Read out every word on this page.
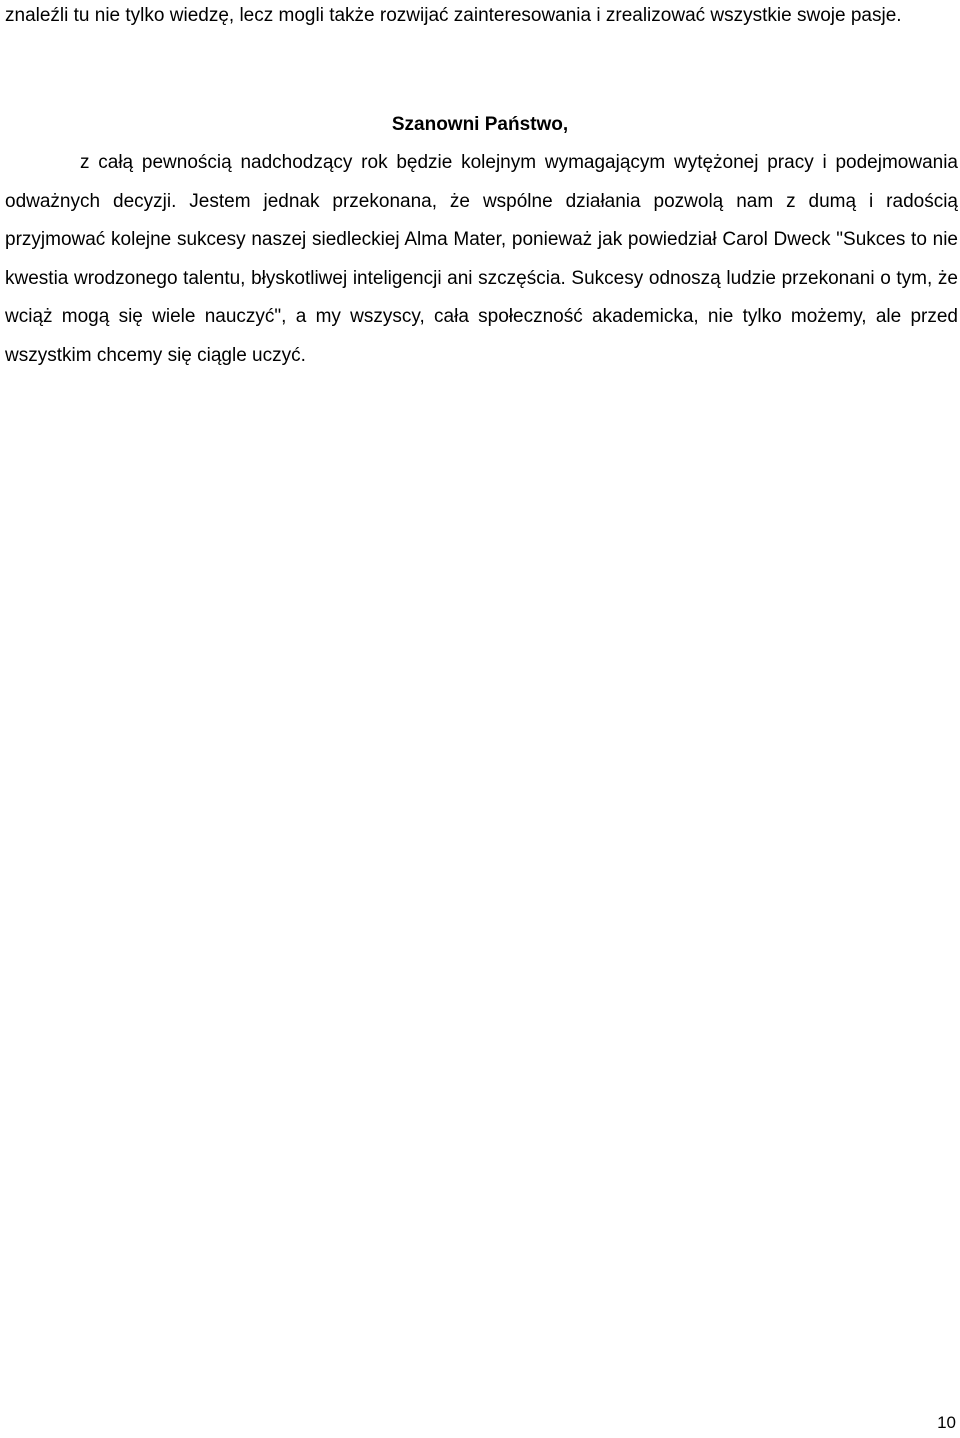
znaleźli tu nie tylko wiedzę, lecz mogli także rozwijać zainteresowania i zrealizować wszystkie swoje pasje.

Szanowni Państwo,

z całą pewnością nadchodzący rok będzie kolejnym wymagającym wytężonej pracy i podejmowania odważnych decyzji. Jestem jednak przekonana, że wspólne działania pozwolą nam z dumą i radością przyjmować kolejne sukcesy naszej siedleckiej Alma Mater, ponieważ jak powiedział Carol Dweck "Sukces to nie kwestia wrodzonego talentu, błyskotliwej inteligencji ani szczęścia. Sukcesy odnoszą ludzie przekonani o tym, że wciąż mogą się wiele nauczyć", a my wszyscy, cała społeczność akademicka, nie tylko możemy, ale przed wszystkim chcemy się ciągle uczyć.

10
